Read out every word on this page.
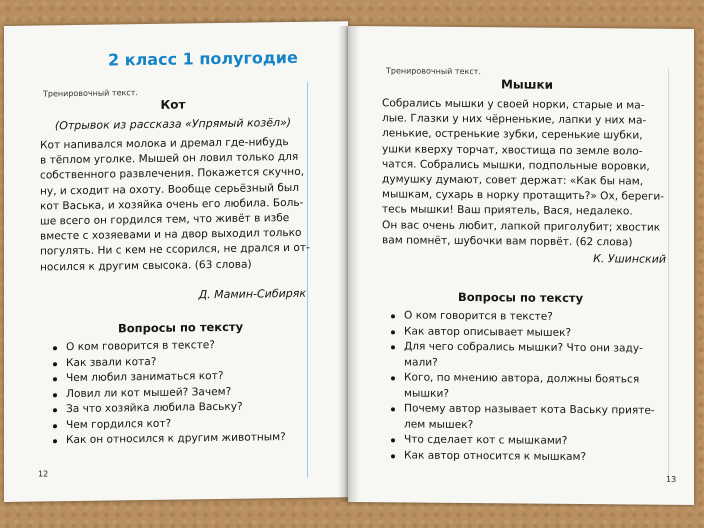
2 класс 1 полугодие
Тренировочный текст.
Кот
(Отрывок из рассказа «Упрямый козёл»)
Кот напивался молока и дремал где-нибудь
в тёплом уголке. Мышей он ловил только для
собственного развлечения. Покажется скучно,
ну, и сходит на охоту. Вообще серьёзный был
кот Васька, и хозяйка очень его любила. Боль-
ше всего он гордился тем, что живёт в избе
вместе с хозяевами и на двор выходил только
погулять. Ни с кем не ссорился, не дрался и от-
носился к другим свысока. (63 слова)
Д. Мамин-Сибиряк
Вопросы по тексту
О ком говорится в тексте?
Как звали кота?
Чем любил заниматься кот?
Ловил ли кот мышей? Зачем?
За что хозяйка любила Ваську?
Чем гордился кот?
Как он относился к другим животным?
12
Тренировочный текст.
Мышки
Собрались мышки у своей норки, старые и ма-
лые. Глазки у них чёрненькие, лапки у них ма-
ленькие, остренькие зубки, серенькие шубки,
ушки кверху торчат, хвостища по земле воло-
чатся. Собрались мышки, подпольные воровки,
думушку думают, совет держат: «Как бы нам,
мышкам, сухарь в норку протащить?» Ох, береги-
тесь мышки! Ваш приятель, Вася, недалеко.
Он вас очень любит, лапкой приголубит; хвостик
вам помнёт, шубочки вам порвёт. (62 слова)
К. Ушинский
Вопросы по тексту
О ком говорится в тексте?
Как автор описывает мышек?
Для чего собрались мышки? Что они заду-
мали?
Кого, по мнению автора, должны бояться
мышки?
Почему автор называет кота Ваську прияте-
лем мышек?
Что сделает кот с мышками?
Как автор относится к мышкам?
13
